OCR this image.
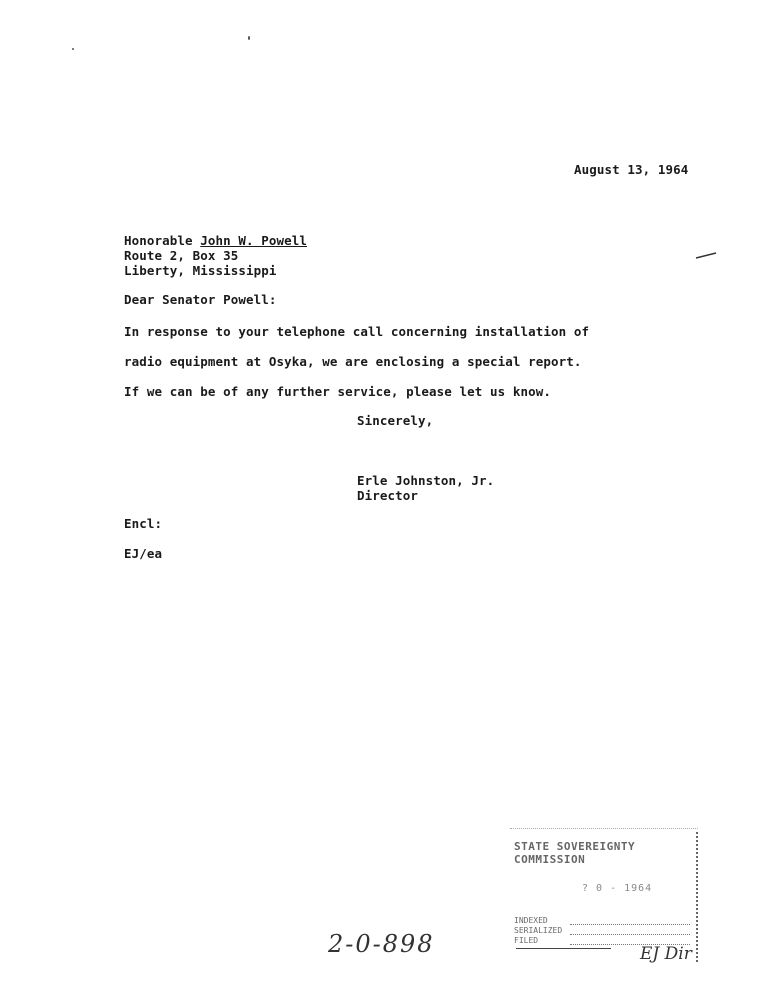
August 13, 1964
Honorable John W. Powell
Route 2, Box 35
Liberty, Mississippi
Dear Senator Powell:
In response to your telephone call concerning installation of
radio equipment at Osyka, we are enclosing a special report.
If we can be of any further service, please let us know.
Sincerely,
Erle Johnston, Jr.
Director
Encl:
EJ/ea
STATE SOVEREIGNTY COMMISSION
? 0 - 1964
INDEXED
SERIALIZED
FILED
2-0-898	EJ Dir
